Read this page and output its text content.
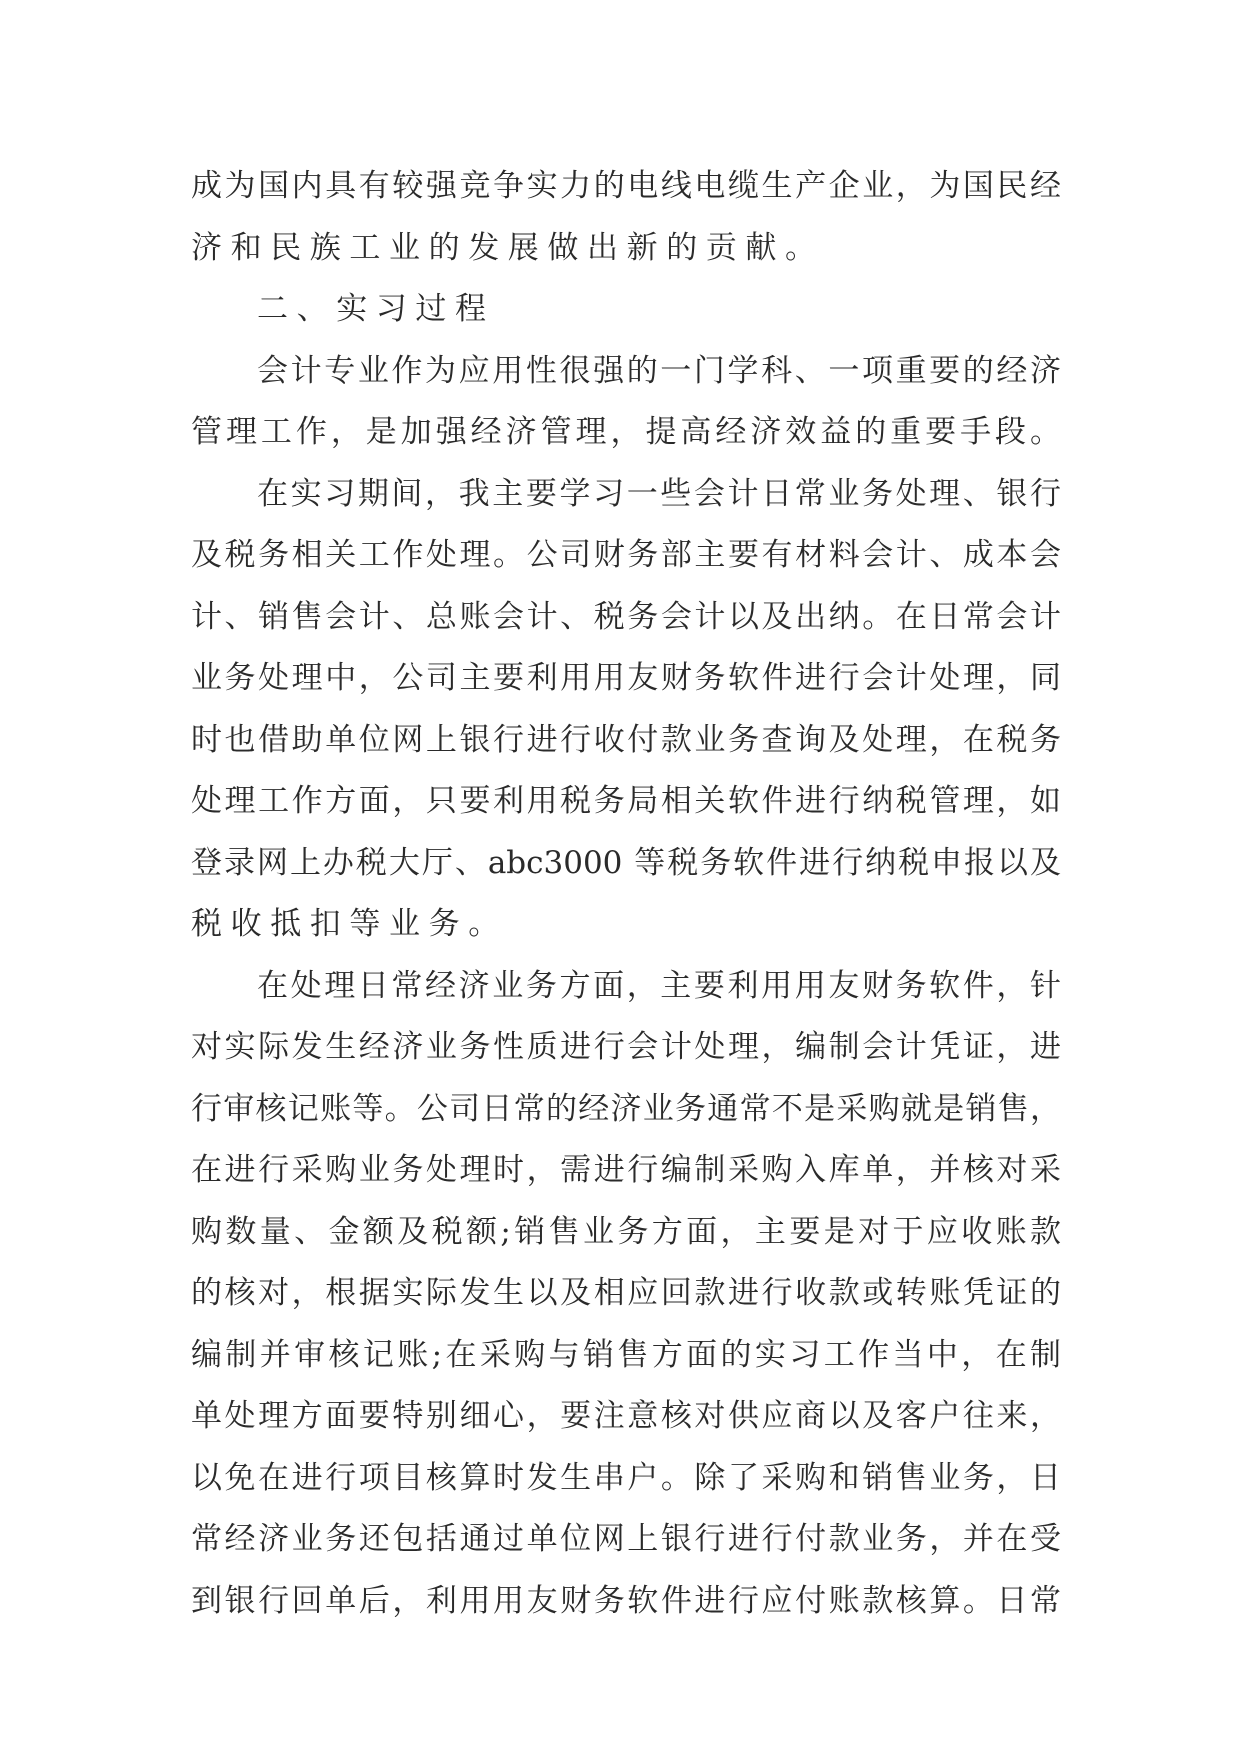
成为国内具有较强竞争实力的电线电缆生产企业，为国民经
济和民族工业的发展做出新的贡献。
二、实习过程
会计专业作为应用性很强的一门学科、一项重要的经济
管理工作，是加强经济管理，提高经济效益的重要手段。
在实习期间，我主要学习一些会计日常业务处理、银行
及税务相关工作处理。公司财务部主要有材料会计、成本会
计、销售会计、总账会计、税务会计以及出纳。在日常会计
业务处理中，公司主要利用用友财务软件进行会计处理，同
时也借助单位网上银行进行收付款业务查询及处理，在税务
处理工作方面，只要利用税务局相关软件进行纳税管理，如
登录网上办税大厅、abc3000 等税务软件进行纳税申报以及
税收抵扣等业务。
在处理日常经济业务方面，主要利用用友财务软件，针
对实际发生经济业务性质进行会计处理，编制会计凭证，进
行审核记账等。公司日常的经济业务通常不是采购就是销售，
在进行采购业务处理时，需进行编制采购入库单，并核对采
购数量、金额及税额;销售业务方面，主要是对于应收账款
的核对，根据实际发生以及相应回款进行收款或转账凭证的
编制并审核记账;在采购与销售方面的实习工作当中，在制
单处理方面要特别细心，要注意核对供应商以及客户往来，
以免在进行项目核算时发生串户。除了采购和销售业务，日
常经济业务还包括通过单位网上银行进行付款业务，并在受
到银行回单后，利用用友财务软件进行应付账款核算。日常
